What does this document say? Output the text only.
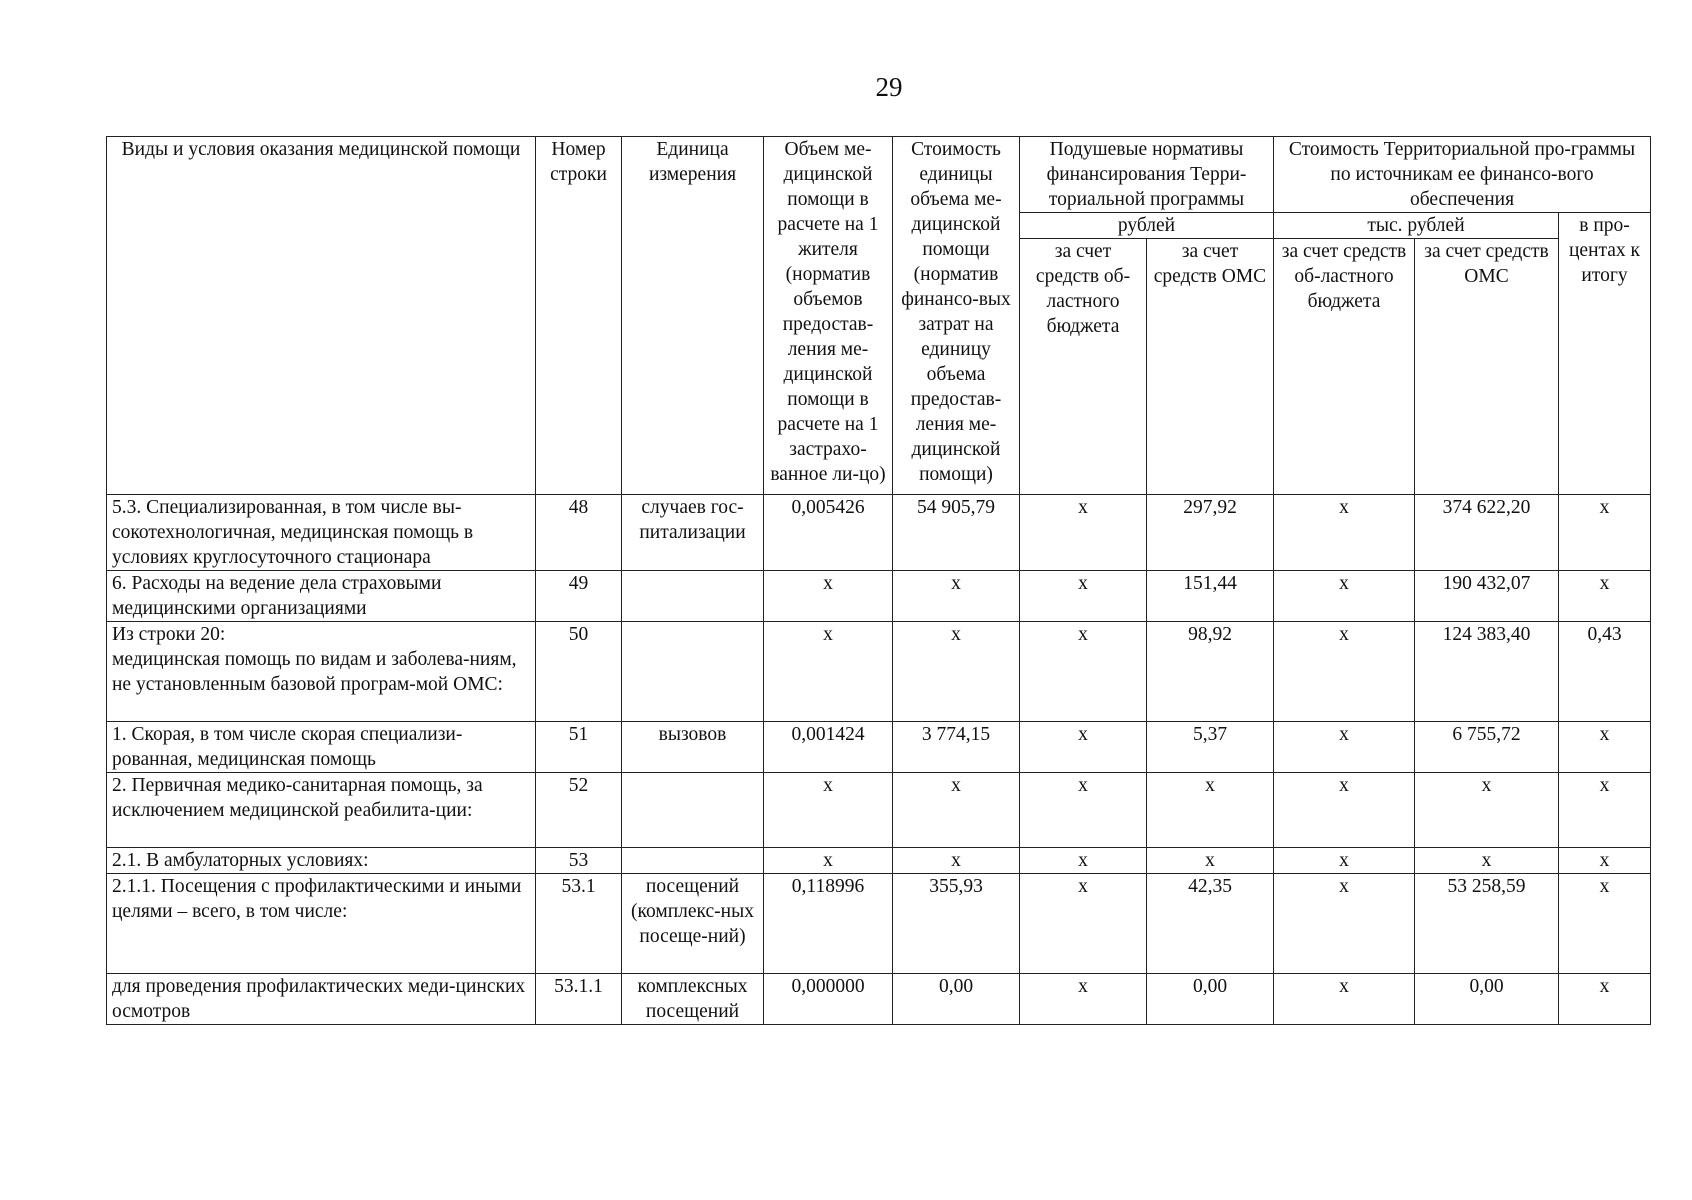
29
Виды и условия оказания медицинской помощи	Номер строки	Единица измерения	Объем ме-дицинской помощи в расчете на 1 жителя (норматив объемов предостав-ления ме-дицинской помощи в расчете на 1 застрахо-ванное ли-цо)	Стоимость единицы объема ме-дицинской помощи (норматив финансо-вых затрат на единицу объема предостав-ления ме-дицинской помощи)	Подушевые нормативы финансирования Терри-ториальной программы		Стоимость Территориальной про-граммы по источникам ее финансо-вого обеспечения		
					рублей		тыс. рублей		в про-центах к итогу
					за счет средств об-ластного бюджета	за счет средств ОМС	за счет средств об-ластного бюджета	за счет средств ОМС	
5.3. Специализированная, в том числе вы-сокотехнологичная, медицинская помощь в условиях круглосуточного стационара	48	случаев гос-питализации	0,005426	54 905,79	х	297,92	х	374 622,20	х
6. Расходы на ведение дела страховыми медицинскими организациями	49		х	х	х	151,44	х	190 432,07	х
Из строки 20:
медицинская помощь по видам и заболева-ниям, не установленным базовой програм-мой ОМС:	50		х	х	х	98,92	х	124 383,40	0,43
1. Скорая, в том числе скорая специализи-рованная, медицинская помощь	51	вызовов	0,001424	3 774,15	х	5,37	х	6 755,72	х
2. Первичная медико-санитарная помощь, за исключением медицинской реабилита-ции:	52		х	х	х	х	х	х	х
2.1. В амбулаторных условиях:	53		х	х	х	х	х	х	х
2.1.1. Посещения с профилактическими и иными целями – всего, в том числе:	53.1	посещений (комплекс-ных посеще-ний)	0,118996	355,93	х	42,35	х	53 258,59	х
для проведения профилактических меди-цинских осмотров	53.1.1	комплексных посещений	0,000000	0,00	х	0,00	х	0,00	х
